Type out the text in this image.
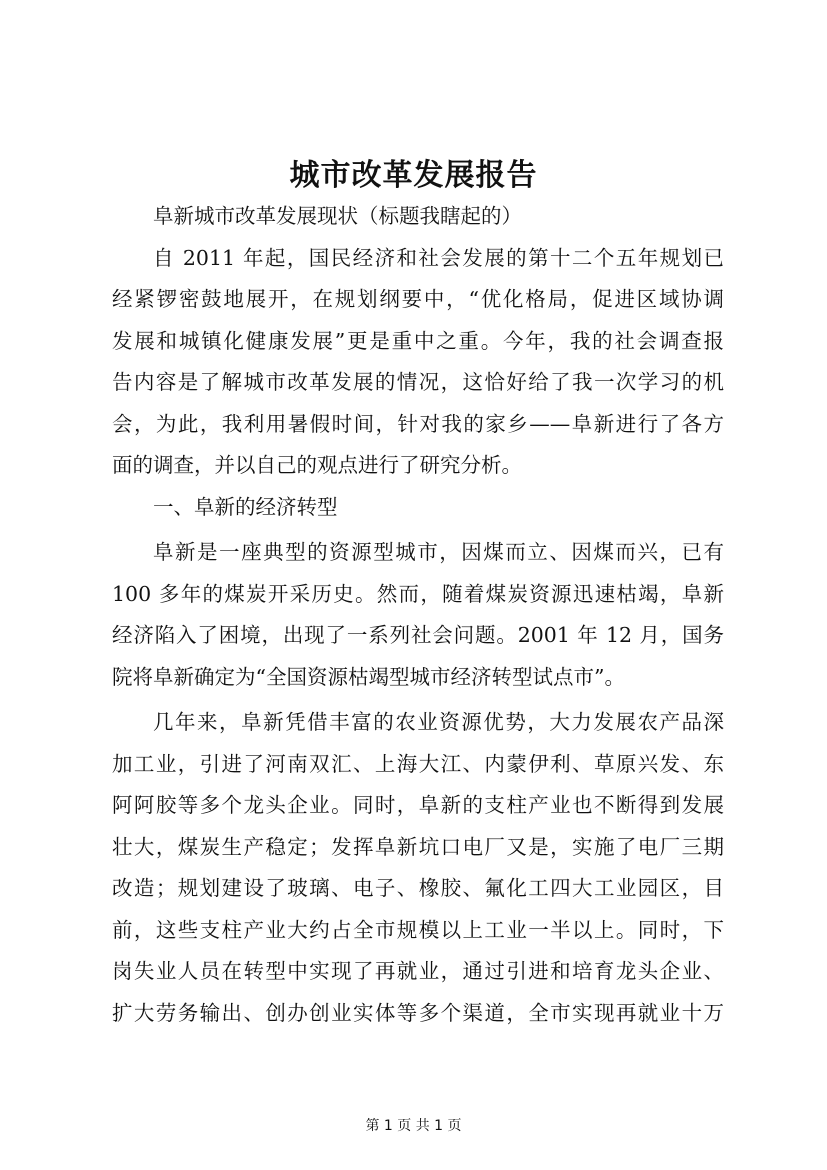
城市改革发展报告
阜新城市改革发展现状（标题我瞎起的）
自 2011 年起，国民经济和社会发展的第十二个五年规划已
经紧锣密鼓地展开，在规划纲要中，“优化格局，促进区域协调
发展和城镇化健康发展”更是重中之重。今年，我的社会调查报
告内容是了解城市改革发展的情况，这恰好给了我一次学习的机
会，为此，我利用暑假时间，针对我的家乡——阜新进行了各方
面的调查，并以自己的观点进行了研究分析。
一、阜新的经济转型
阜新是一座典型的资源型城市，因煤而立、因煤而兴，已有
100 多年的煤炭开采历史。然而，随着煤炭资源迅速枯竭，阜新
经济陷入了困境，出现了一系列社会问题。2001 年 12 月，国务
院将阜新确定为“全国资源枯竭型城市经济转型试点市”。
几年来，阜新凭借丰富的农业资源优势，大力发展农产品深
加工业，引进了河南双汇、上海大江、内蒙伊利、草原兴发、东
阿阿胶等多个龙头企业。同时，阜新的支柱产业也不断得到发展
壮大，煤炭生产稳定；发挥阜新坑口电厂又是，实施了电厂三期
改造；规划建设了玻璃、电子、橡胶、氟化工四大工业园区，目
前，这些支柱产业大约占全市规模以上工业一半以上。同时，下
岗失业人员在转型中实现了再就业，通过引进和培育龙头企业、
扩大劳务输出、创办创业实体等多个渠道，全市实现再就业十万
第 1 页 共 1 页
